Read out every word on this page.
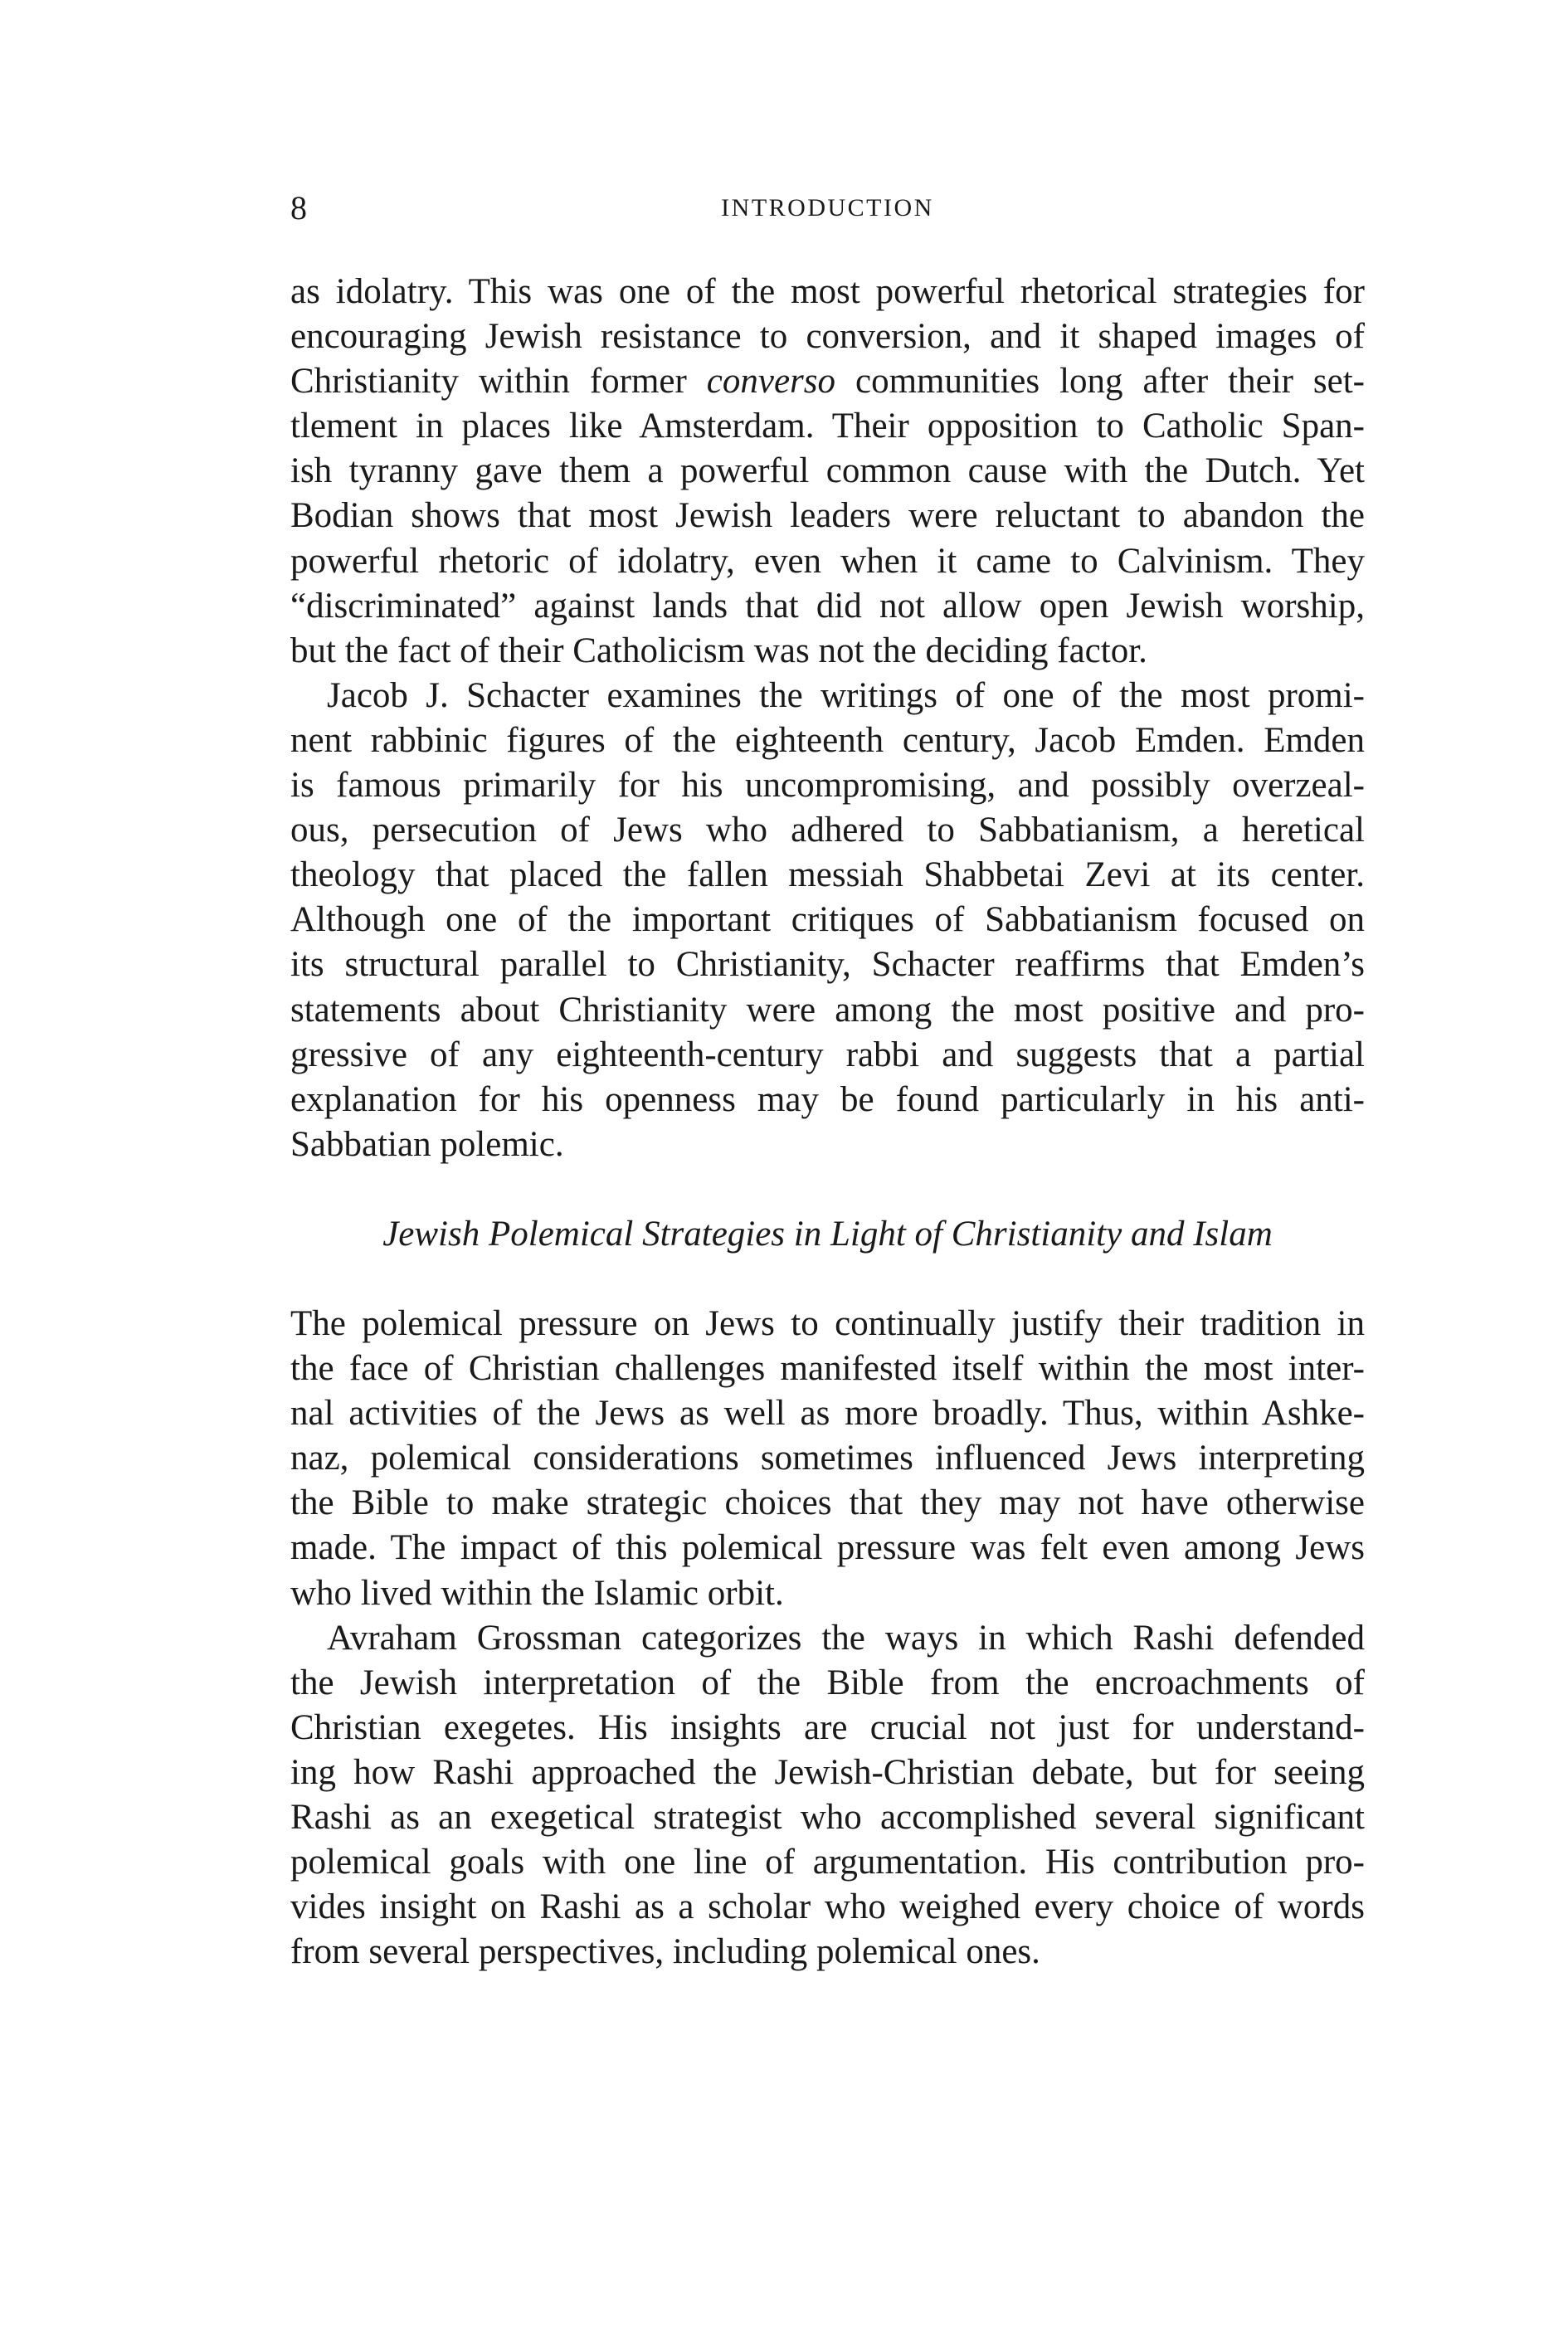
8	INTRODUCTION
as idolatry. This was one of the most powerful rhetorical strategies for
encouraging Jewish resistance to conversion, and it shaped images of
Christianity within former converso communities long after their set-
tlement in places like Amsterdam. Their opposition to Catholic Span-
ish tyranny gave them a powerful common cause with the Dutch. Yet
Bodian shows that most Jewish leaders were reluctant to abandon the
powerful rhetoric of idolatry, even when it came to Calvinism. They
“discriminated” against lands that did not allow open Jewish worship,
but the fact of their Catholicism was not the deciding factor.
Jacob J. Schacter examines the writings of one of the most promi-
nent rabbinic figures of the eighteenth century, Jacob Emden. Emden
is famous primarily for his uncompromising, and possibly overzeal-
ous, persecution of Jews who adhered to Sabbatianism, a heretical
theology that placed the fallen messiah Shabbetai Zevi at its center.
Although one of the important critiques of Sabbatianism focused on
its structural parallel to Christianity, Schacter reaffirms that Emden’s
statements about Christianity were among the most positive and pro-
gressive of any eighteenth-century rabbi and suggests that a partial
explanation for his openness may be found particularly in his anti-
Sabbatian polemic.
Jewish Polemical Strategies in Light of Christianity and Islam
The polemical pressure on Jews to continually justify their tradition in
the face of Christian challenges manifested itself within the most inter-
nal activities of the Jews as well as more broadly. Thus, within Ashke-
naz, polemical considerations sometimes influenced Jews interpreting
the Bible to make strategic choices that they may not have otherwise
made. The impact of this polemical pressure was felt even among Jews
who lived within the Islamic orbit.
Avraham Grossman categorizes the ways in which Rashi defended
the Jewish interpretation of the Bible from the encroachments of
Christian exegetes. His insights are crucial not just for understand-
ing how Rashi approached the Jewish-Christian debate, but for seeing
Rashi as an exegetical strategist who accomplished several significant
polemical goals with one line of argumentation. His contribution pro-
vides insight on Rashi as a scholar who weighed every choice of words
from several perspectives, including polemical ones.
